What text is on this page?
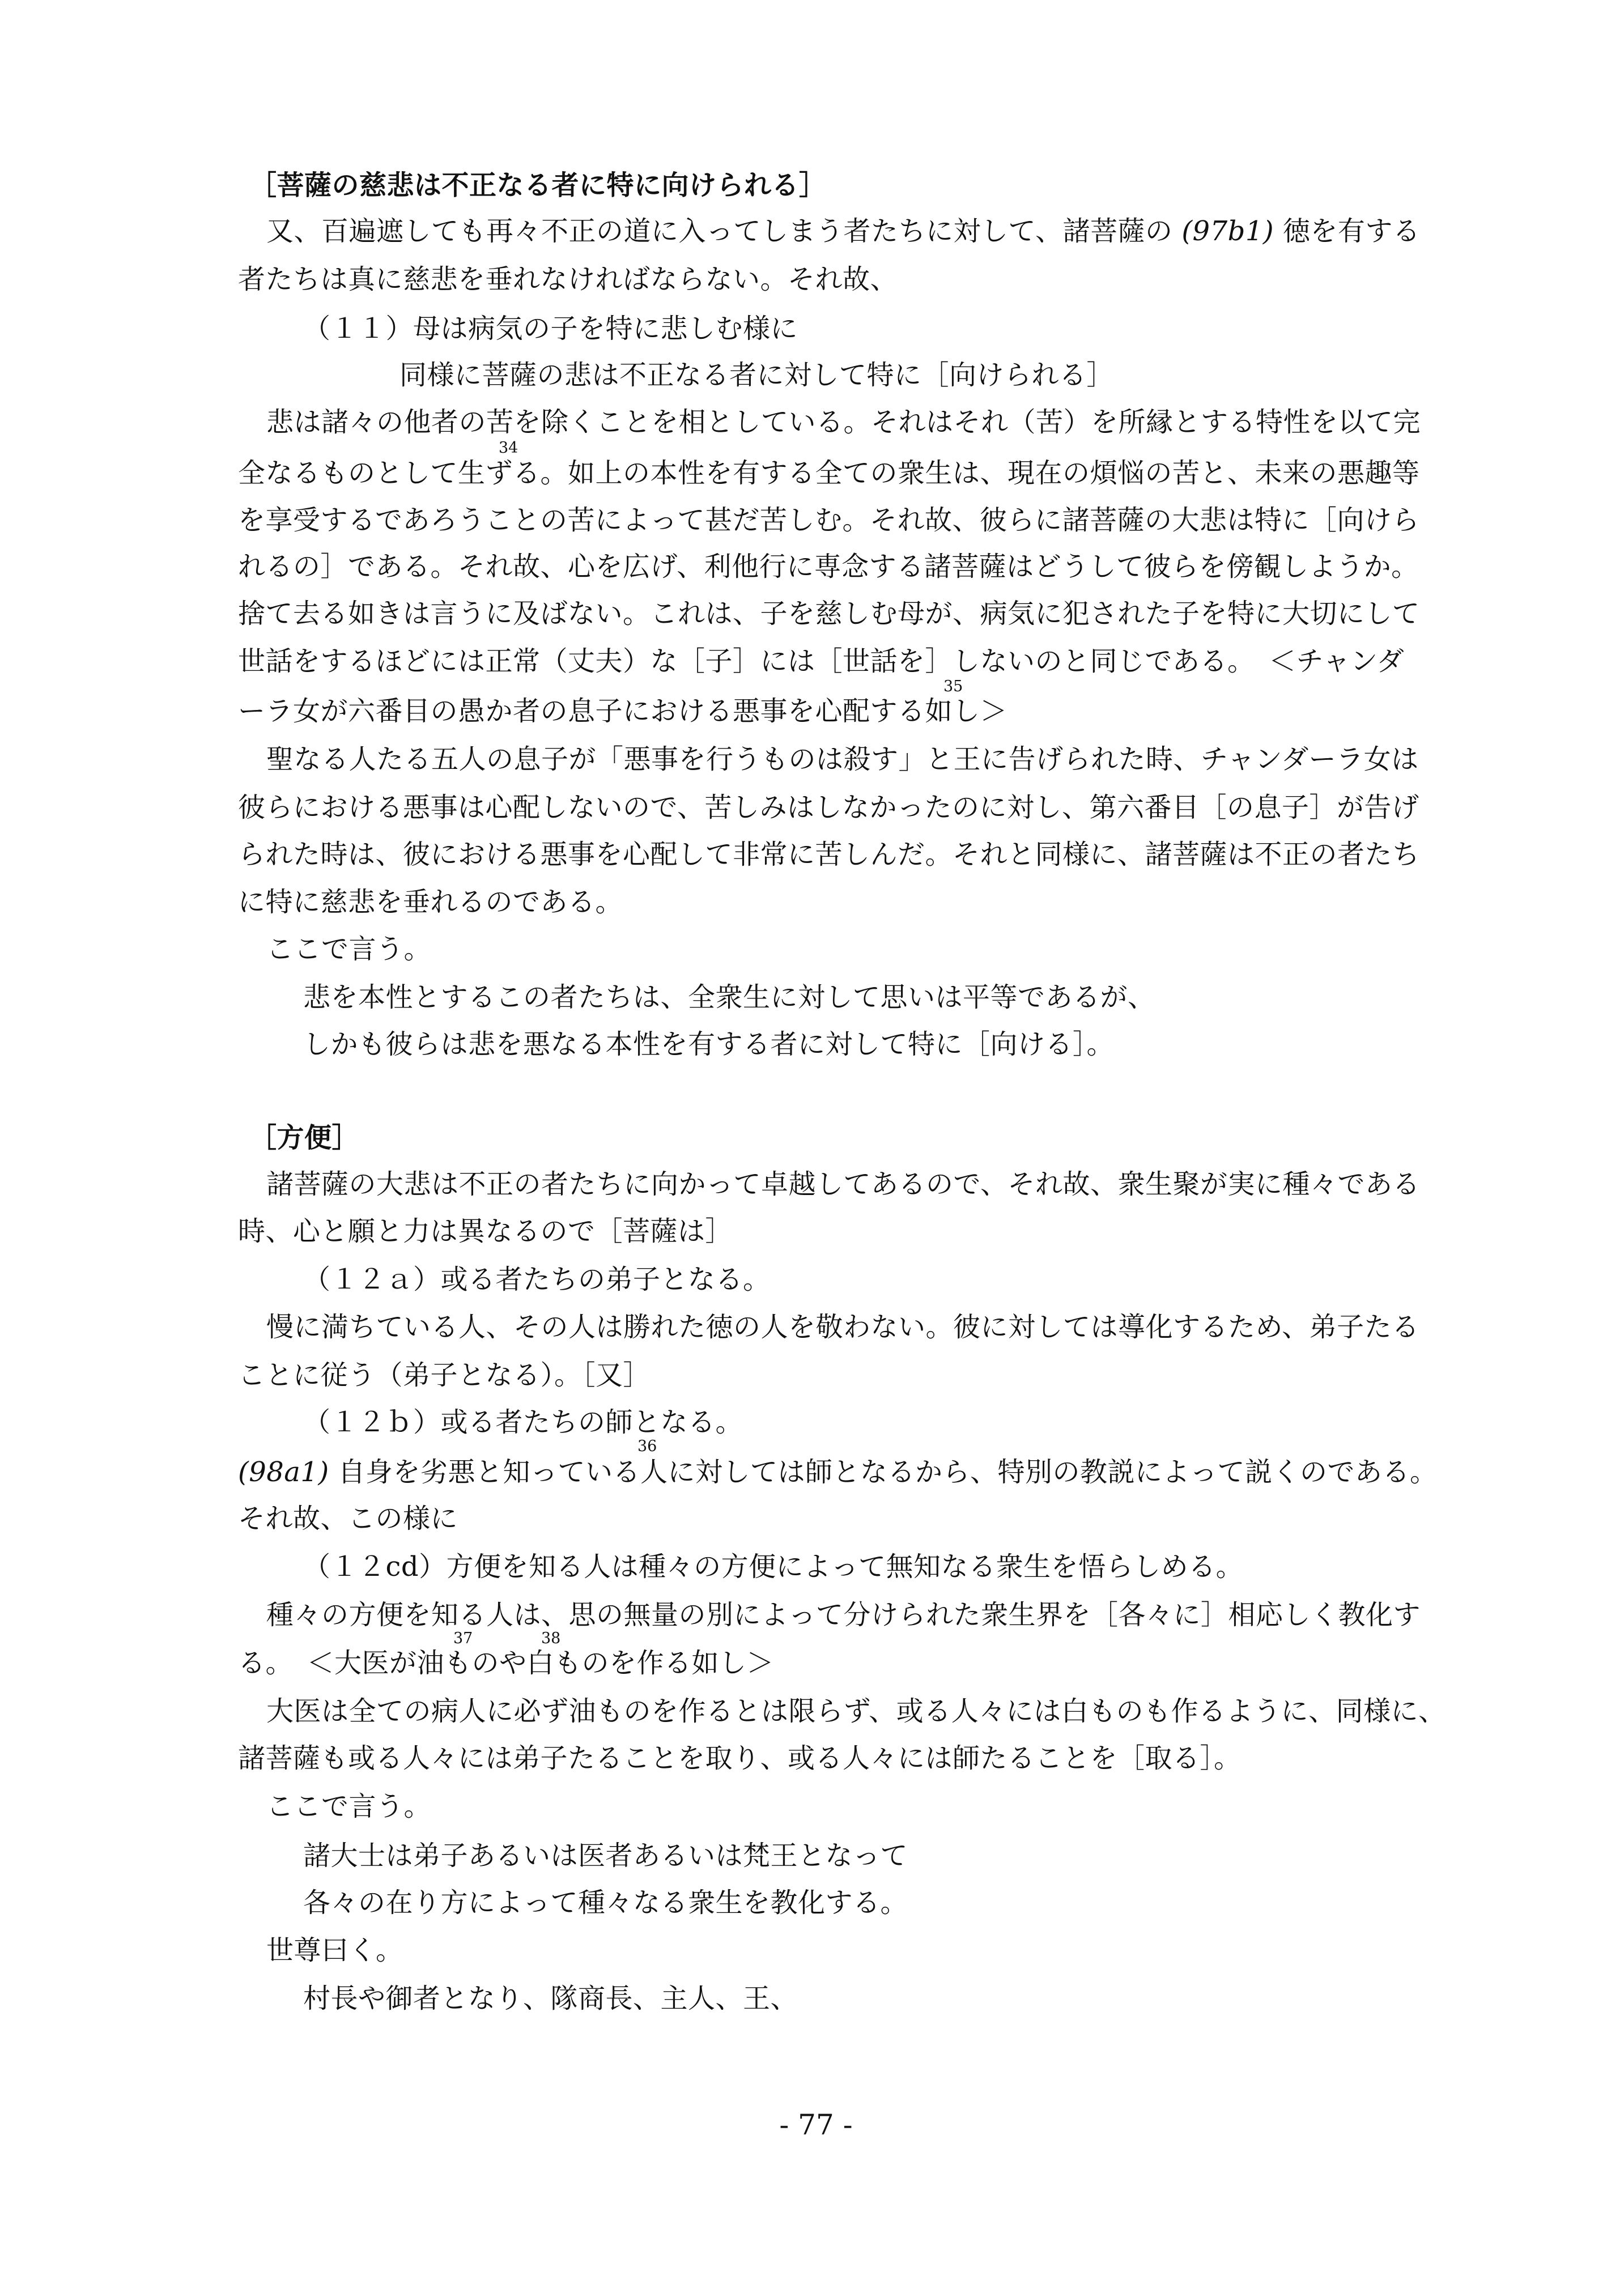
［菩薩の慈悲は不正なる者に特に向けられる］
又、百遍遮しても再々不正の道に入ってしまう者たちに対して、諸菩薩の (97b1) 徳を有する
者たちは真に慈悲を垂れなければならない。それ故、
（１１）母は病気の子を特に悲しむ様に
同様に菩薩の悲は不正なる者に対して特に［向けられる］
悲は諸々の他者の苦を除くことを相としている。それはそれ（苦）を所縁とする特性を以て完
全なるものとして生ずる。如上の本性を有する全ての衆生は、現在の煩悩の苦と、未来の悪趣等
を享受するであろうことの苦によって甚だ苦しむ。それ故、彼らに諸菩薩の大悲は特に［向けら
れるの］である。それ故、心を広げ、利他行に専念する諸菩薩はどうして彼らを傍観しようか。
捨て去る如きは言うに及ばない。これは、子を慈しむ母が、病気に犯された子を特に大切にして
世話をするほどには正常（丈夫）な［子］には［世話を］しないのと同じである。　＜チャンダ
ーラ女が六番目の愚か者の息子における悪事を心配する如し＞
聖なる人たる五人の息子が「悪事を行うものは殺す」と王に告げられた時、チャンダーラ女は
彼らにおける悪事は心配しないので、苦しみはしなかったのに対し、第六番目［の息子］が告げ
られた時は、彼における悪事を心配して非常に苦しんだ。それと同様に、諸菩薩は不正の者たち
に特に慈悲を垂れるのである。
ここで言う。
悲を本性とするこの者たちは、全衆生に対して思いは平等であるが、
しかも彼らは悲を悪なる本性を有する者に対して特に［向ける］。
［方便］
諸菩薩の大悲は不正の者たちに向かって卓越してあるので、それ故、衆生聚が実に種々である
時、心と願と力は異なるので［菩薩は］
（１２ａ）或る者たちの弟子となる。
慢に満ちている人、その人は勝れた徳の人を敬わない。彼に対しては導化するため、弟子たる
ことに従う（弟子となる）。［又］
（１２ｂ）或る者たちの師となる。
(98a1) 自身を劣悪と知っている人に対しては師となるから、特別の教説によって説くのである。
それ故、この様に
（１２cd）方便を知る人は種々の方便によって無知なる衆生を悟らしめる。
種々の方便を知る人は、思の無量の別によって分けられた衆生界を［各々に］相応しく教化す
る。　＜大医が油ものや白ものを作る如し＞
大医は全ての病人に必ず油ものを作るとは限らず、或る人々には白ものも作るように、同様に、
諸菩薩も或る人々には弟子たることを取り、或る人々には師たることを［取る］。
ここで言う。
諸大士は弟子あるいは医者あるいは梵王となって
各々の在り方によって種々なる衆生を教化する。
世尊曰く。
村長や御者となり、隊商長、主人、王、
34
35
36
37	38
- 77 -
